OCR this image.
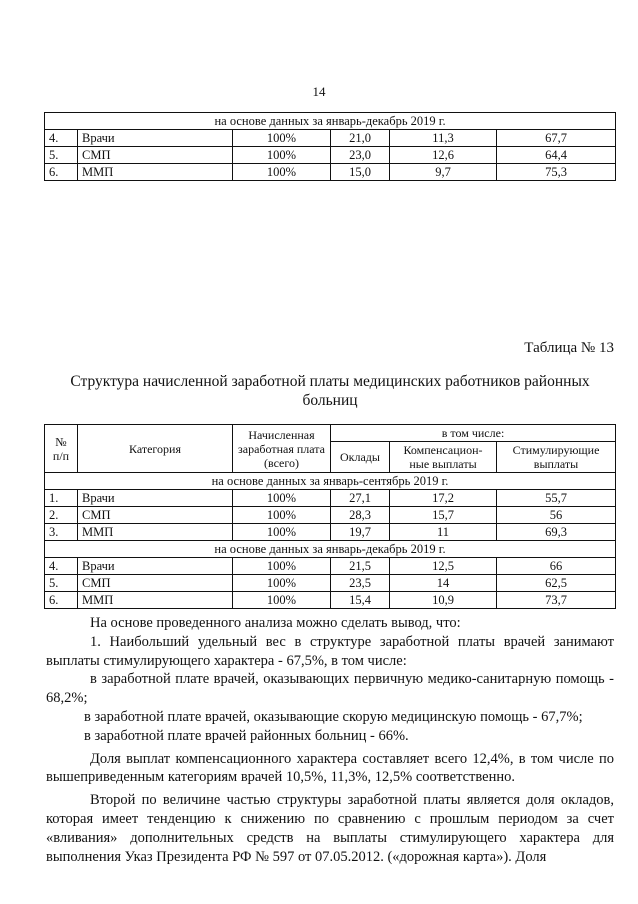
14
на основе данных за январь-декабрь 2019 г.					
4.	Врачи	100%	21,0	11,3	67,7
5.	СМП	100%	23,0	12,6	64,4
6.	ММП	100%	15,0	9,7	75,3
Таблица № 13
Структура начисленной заработной платы медицинских работников районных больниц
№ п/п	Категория	Начисленная заработная плата (всего)	в том числе:		
			Оклады	Компенсацион-ные выплаты	Стимулирующие выплаты
на основе данных за январь-сентябрь 2019 г.					
1.	Врачи	100%	27,1	17,2	55,7
2.	СМП	100%	28,3	15,7	56
3.	ММП	100%	19,7	11	69,3
на основе данных за январь-декабрь 2019 г.					
4.	Врачи	100%	21,5	12,5	66
5.	СМП	100%	23,5	14	62,5
6.	ММП	100%	15,4	10,9	73,7

На основе проведенного анализа можно сделать вывод, что:

1. Наибольший удельный вес в структуре заработной платы врачей занимают выплаты стимулирующего характера - 67,5%, в том числе:

в заработной плате врачей, оказывающих первичную медико-санитарную помощь - 68,2%;

в заработной плате врачей, оказывающие скорую медицинскую помощь - 67,7%;

в заработной плате врачей районных больниц - 66%.

Доля выплат компенсационного характера составляет всего 12,4%, в том числе по вышеприведенным категориям врачей 10,5%, 11,3%, 12,5% соответственно.

Второй по величине частью структуры заработной платы является доля окладов, которая имеет тенденцию к снижению по сравнению с прошлым периодом за счет «вливания» дополнительных средств на выплаты стимулирующего характера для выполнения Указ Президента РФ № 597 от 07.05.2012. («дорожная карта»). Доля
